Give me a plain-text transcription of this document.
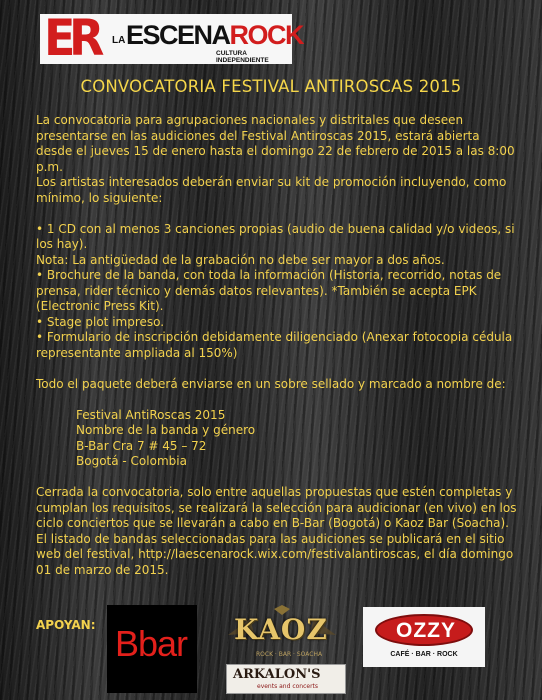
ER LA ESCENAROCK
CULTURA INDEPENDIENTE
CONVOCATORIA FESTIVAL ANTIROSCAS 2015

La convocatoria para agrupaciones nacionales y distritales que deseen presentarse en las audiciones del Festival Antiroscas 2015, estará abierta desde el jueves 15 de enero hasta el domingo 22 de febrero de 2015 a las 8:00 p.m.

Los artistas interesados deberán enviar su kit de promoción incluyendo, como mínimo, lo siguiente:

• 1 CD con al menos 3 canciones propias (audio de buena calidad y/o videos, si los hay).

Nota: La antigüedad de la grabación no debe ser mayor a dos años.

• Brochure de la banda, con toda la información (Historia, recorrido, notas de prensa, rider técnico y demás datos relevantes). *También se acepta EPK (Electronic Press Kit).

• Stage plot impreso.

• Formulario de inscripción debidamente diligenciado (Anexar fotocopia cédula representante ampliada al 150%)

Todo el paquete deberá enviarse en un sobre sellado y marcado a nombre de:

Festival AntiRoscas 2015

Nombre de la banda y género

B-Bar Cra 7 # 45 – 72

Bogotá - Colombia

Cerrada la convocatoria, solo entre aquellas propuestas que estén completas y cumplan los requisitos, se realizará la selección para audicionar (en vivo) en los ciclo conciertos que se llevarán a cabo en B-Bar (Bogotá) o Kaoz Bar (Soacha). El listado de bandas seleccionadas para las audiciones se publicará en el sitio web del festival, http://laescenarock.wix.com/festivalantiroscas, el día domingo 01 de marzo de 2015.

APOYAN: Bbar KAOZ
ROCK · BAR · SOACHA
ARKALON'S
events and concerts
OZZY
CAFÉ · BAR · ROCK
